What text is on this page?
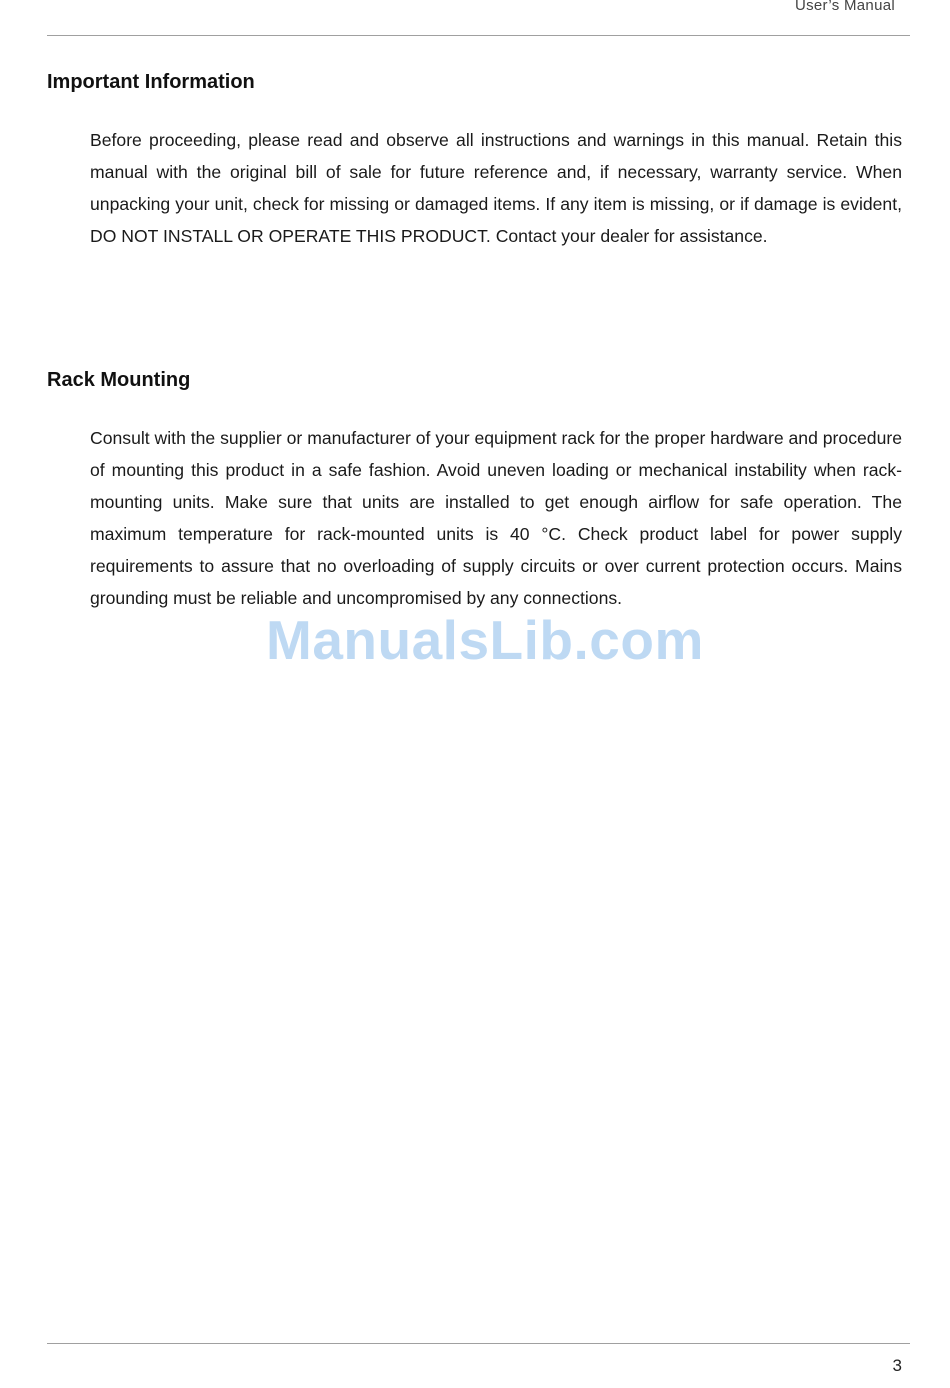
User’s Manual
Important Information

Before proceeding, please read and observe all instructions and warnings in this manual. Retain this manual with the original bill of sale for future reference and, if necessary, warranty service. When unpacking your unit, check for missing or damaged items. If any item is missing, or if damage is evident, DO NOT INSTALL OR OPERATE THIS PRODUCT. Contact your dealer for assistance.

Rack Mounting

Consult with the supplier or manufacturer of your equipment rack for the proper hardware and procedure of mounting this product in a safe fashion. Avoid uneven loading or mechanical instability when rack-mounting units. Make sure that units are installed to get enough airflow for safe operation. The maximum temperature for rack-mounted units is 40 °C. Check product label for power supply requirements to assure that no overloading of supply circuits or over current protection occurs. Mains grounding must be reliable and uncompromised by any connections.

ManualsLib.com
3
